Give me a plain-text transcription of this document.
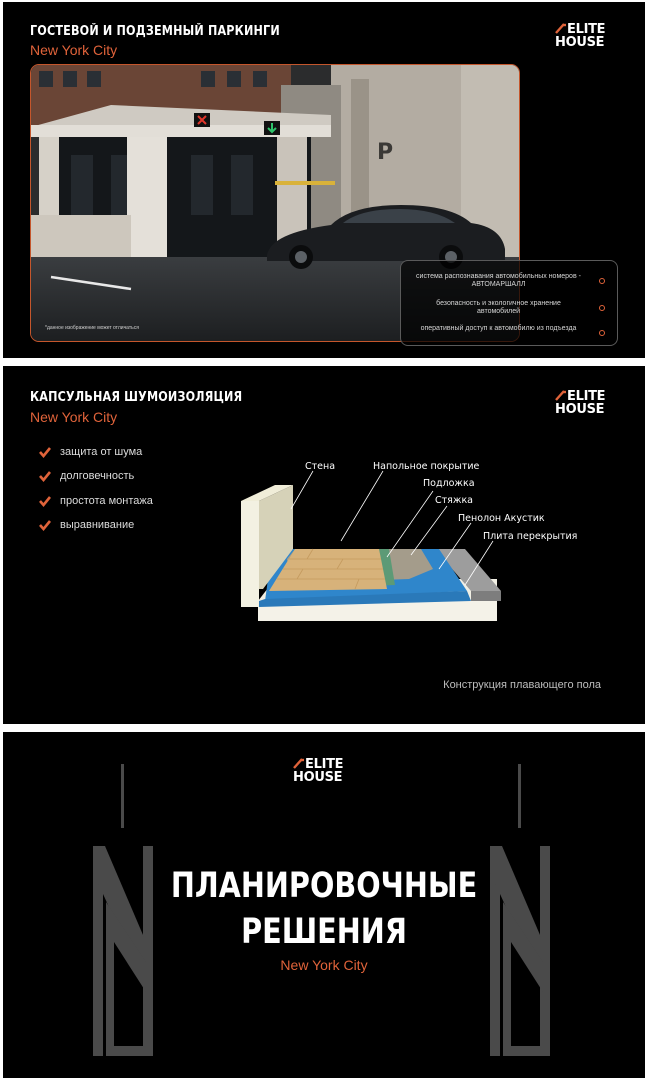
ГОСТЕВОЙ И ПОДЗЕМНЫЙ ПАРКИНГИ
New York City
ELITE
HOUSE
P
*данное изображение может отличаться
система распознавания автомобильных номеров - АВТОМАРШАЛЛ
безопасность и экологичное хранение автомобилей
оперативный доступ к автомобилю из подъезда
КАПСУЛЬНАЯ ШУМОИЗОЛЯЦИЯ
New York City
ELITE
HOUSE
защита от шума
долговечность
простота монтажа
выравнивание
Стена	Напольное покрытие
Подложка
Стяжка
Пенолон Акустик
Плита перекрытия
Конструкция плавающего пола
ELITE
HOUSE
ПЛАНИРОВОЧНЫЕ
РЕШЕНИЯ
New York City
